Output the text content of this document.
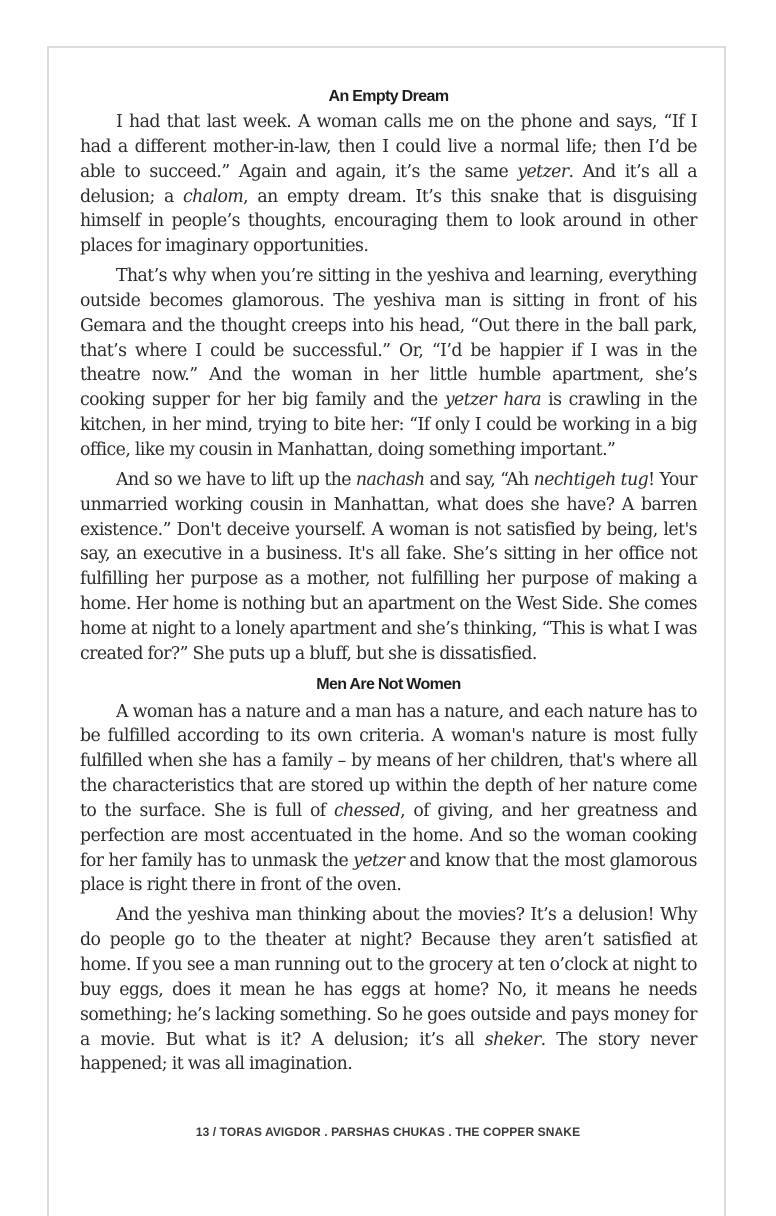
An Empty Dream

I had that last week. A woman calls me on the phone and says, “If I had a different mother-in-law, then I could live a normal life; then I’d be able to succeed.” Again and again, it’s the same yetzer. And it’s all a delusion; a chalom, an empty dream. It’s this snake that is disguising himself in people’s thoughts, encouraging them to look around in other places for imaginary opportunities.

That’s why when you’re sitting in the yeshiva and learning, everything outside becomes glamorous. The yeshiva man is sitting in front of his Gemara and the thought creeps into his head, “Out there in the ball park, that’s where I could be successful.” Or, “I’d be happier if I was in the theatre now.” And the woman in her little humble apartment, she’s cooking supper for her big family and the yetzer hara is crawling in the kitchen, in her mind, trying to bite her: “If only I could be working in a big office, like my cousin in Manhattan, doing something important.”

And so we have to lift up the nachash and say, “Ah nechtigeh tug! Your unmarried working cousin in Manhattan, what does she have? A barren existence.” Don't deceive yourself. A woman is not satisfied by being, let's say, an executive in a business. It's all fake. She’s sitting in her office not fulfilling her purpose as a mother, not fulfilling her purpose of making a home. Her home is nothing but an apartment on the West Side. She comes home at night to a lonely apartment and she’s thinking, “This is what I was created for?” She puts up a bluff, but she is dissatisfied.

Men Are Not Women

A woman has a nature and a man has a nature, and each nature has to be fulfilled according to its own criteria. A woman's nature is most fully fulfilled when she has a family – by means of her children, that's where all the characteristics that are stored up within the depth of her nature come to the surface. She is full of chessed, of giving, and her greatness and perfection are most accentuated in the home. And so the woman cooking for her family has to unmask the yetzer and know that the most glamorous place is right there in front of the oven.

And the yeshiva man thinking about the movies? It’s a delusion! Why do people go to the theater at night? Because they aren’t satisfied at home. If you see a man running out to the grocery at ten o’clock at night to buy eggs, does it mean he has eggs at home? No, it means he needs something; he’s lacking something. So he goes outside and pays money for a movie. But what is it? A delusion; it’s all sheker. The story never happened; it was all imagination.

13 / TORAS AVIGDOR . PARSHAS CHUKAS . THE COPPER SNAKE
